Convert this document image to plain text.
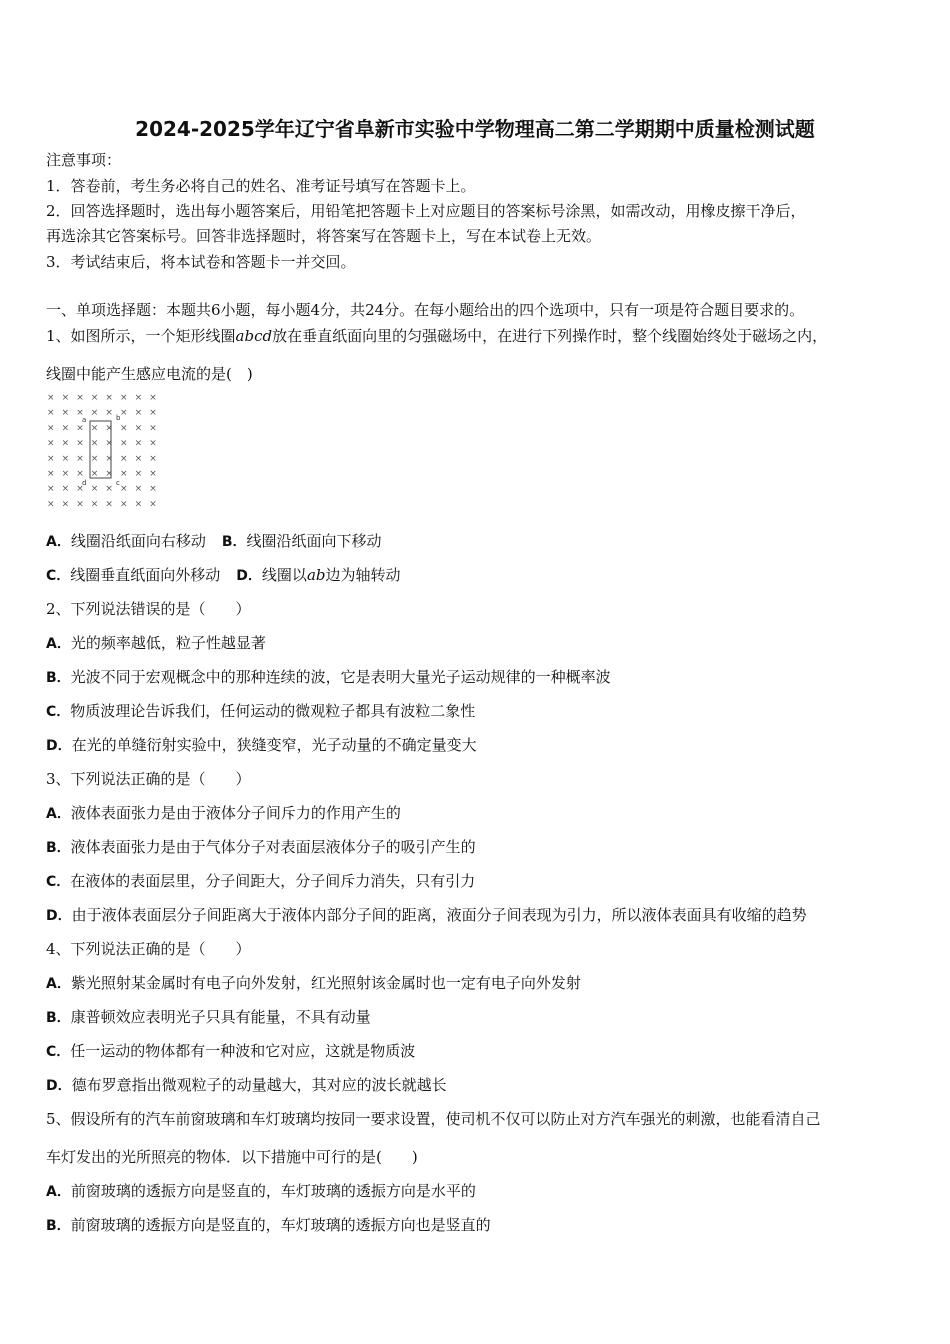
2024-2025学年辽宁省阜新市实验中学物理高二第二学期期中质量检测试题
注意事项：
1．答卷前，考生务必将自己的姓名、准考证号填写在答题卡上。
2．回答选择题时，选出每小题答案后，用铅笔把答题卡上对应题目的答案标号涂黑，如需改动，用橡皮擦干净后，
再选涂其它答案标号。回答非选择题时，将答案写在答题卡上，写在本试卷上无效。
3．考试结束后，将本试卷和答题卡一并交回。
一、单项选择题：本题共6小题，每小题4分，共24分。在每小题给出的四个选项中，只有一项是符合题目要求的。
1、如图所示，一个矩形线圈abcd放在垂直纸面向里的匀强磁场中，在进行下列操作时，整个线圈始终处于磁场之内，
线圈中能产生感应电流的是(　)
× × × × × × × ×
× × × × × × × ×
× × × × × × × ×
× × × × × × × ×
× × × × × × × ×
× × × × × × × ×
× × × × × × × ×
× × × × × × × ×
a	b
c
d
A．线圈沿纸面向右移动 B．线圈沿纸面向下移动
C．线圈垂直纸面向外移动 D．线圈以ab边为轴转动
2、下列说法错误的是（　　）
A．光的频率越低，粒子性越显著
B．光波不同于宏观概念中的那种连续的波，它是表明大量光子运动规律的一种概率波
C．物质波理论告诉我们，任何运动的微观粒子都具有波粒二象性
D．在光的单缝衍射实验中，狭缝变窄，光子动量的不确定量变大
3、下列说法正确的是（　　）
A．液体表面张力是由于液体分子间斥力的作用产生的
B．液体表面张力是由于气体分子对表面层液体分子的吸引产生的
C．在液体的表面层里，分子间距大，分子间斥力消失，只有引力
D．由于液体表面层分子间距离大于液体内部分子间的距离，液面分子间表现为引力，所以液体表面具有收缩的趋势
4、下列说法正确的是（　　）
A．紫光照射某金属时有电子向外发射，红光照射该金属时也一定有电子向外发射
B．康普顿效应表明光子只具有能量，不具有动量
C．任一运动的物体都有一种波和它对应，这就是物质波
D．德布罗意指出微观粒子的动量越大，其对应的波长就越长
5、假设所有的汽车前窗玻璃和车灯玻璃均按同一要求设置，使司机不仅可以防止对方汽车强光的刺激，也能看清自己
车灯发出的光所照亮的物体．以下措施中可行的是(　　)
A．前窗玻璃的透振方向是竖直的，车灯玻璃的透振方向是水平的
B．前窗玻璃的透振方向是竖直的，车灯玻璃的透振方向也是竖直的
